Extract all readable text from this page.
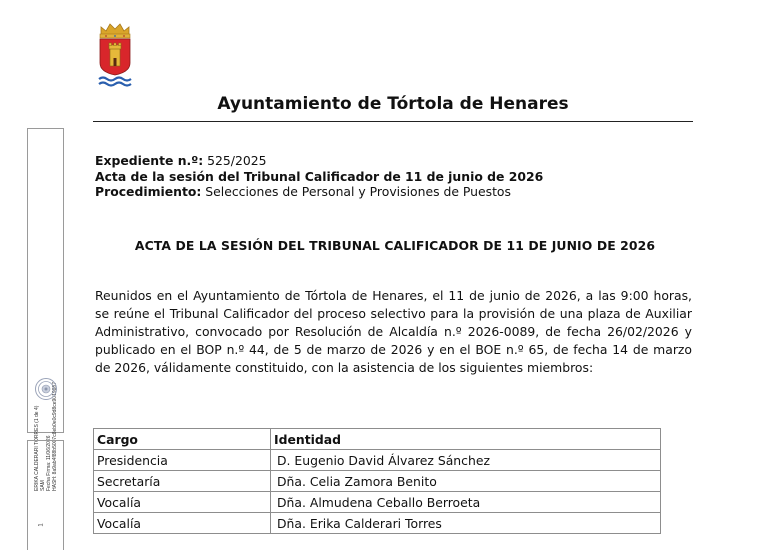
ERIKA CALDERARI TORRES (1 de 4) SAM Fecha Firma: 11/06/2026 HASH: 8a9ab4f88b5007c8eb0e0c9d8ce9019887
1
Ayuntamiento de Tórtola de Henares
Expediente n.º: 525/2025
Acta de la sesión del Tribunal Calificador de 11 de junio de 2026
Procedimiento: Selecciones de Personal y Provisiones de Puestos
ACTA DE LA SESIÓN DEL TRIBUNAL CALIFICADOR DE 11 DE JUNIO DE 2026
Reunidos en el Ayuntamiento de Tórtola de Henares, el 11 de junio de 2026, a las 9:00 horas, se reúne el Tribunal Calificador del proceso selectivo para la provisión de una plaza de Auxiliar Administrativo, convocado por Resolución de Alcaldía n.º 2026-0089, de fecha 26/02/2026 y publicado en el BOP n.º 44, de 5 de marzo de 2026 y en el BOE n.º 65, de fecha 14 de marzo de 2026, válidamente constituido, con la asistencia de los siguientes miembros:
Cargo	Identidad
Presidencia	D. Eugenio David Álvarez Sánchez
Secretaría	Dña. Celia Zamora Benito
Vocalía	Dña. Almudena Ceballo Berroeta
Vocalía	Dña. Erika Calderari Torres
